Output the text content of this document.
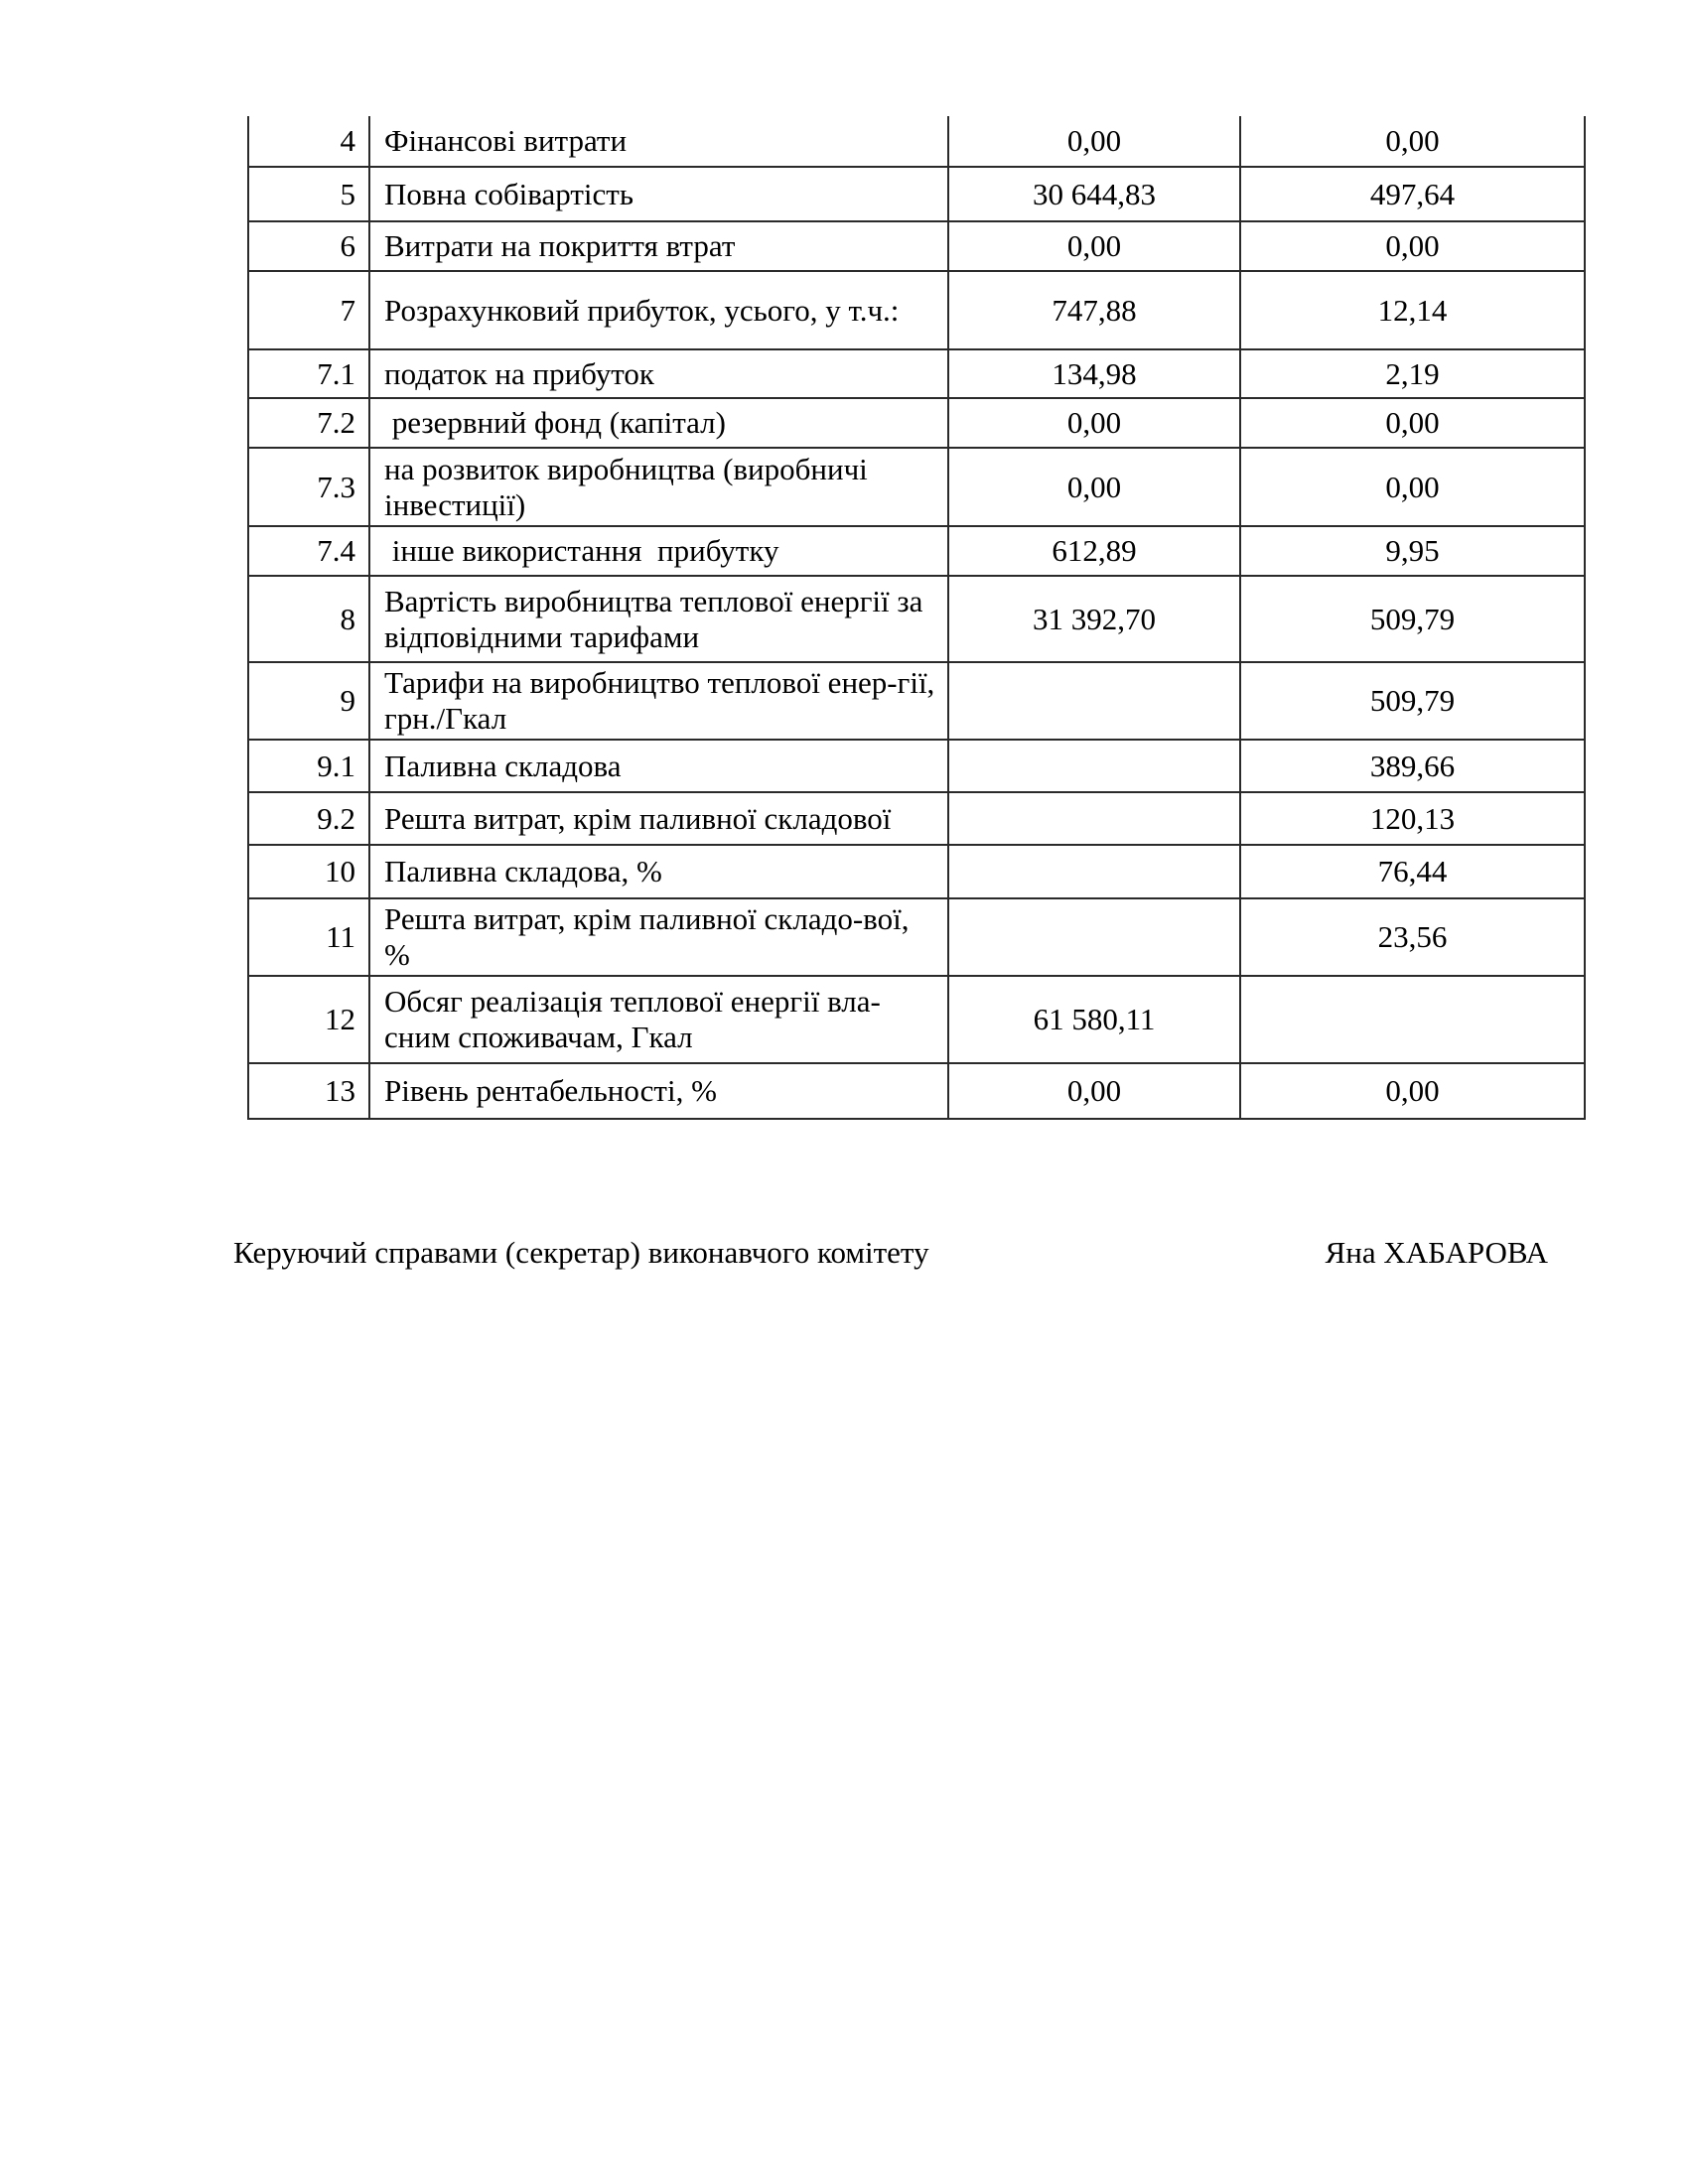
4	Фінансові витрати	0,00	0,00
5	Повна собівартість	30 644,83	497,64
6	Витрати на покриття втрат	0,00	0,00
7	Розрахунковий прибуток, усього, у т.ч.:	747,88	12,14
7.1	податок на прибуток	134,98	2,19
7.2	резервний фонд (капітал)	0,00	0,00
7.3	на розвиток виробництва (виробничі інвестиції)	0,00	0,00
7.4	інше використання  прибутку	612,89	9,95
8	Вартість виробництва теплової енергії за відповідними тарифами	31 392,70	509,79
9	Тарифи на виробництво теплової енер-гії, грн./Гкал		509,79
9.1	Паливна складова		389,66
9.2	Решта витрат, крім паливної складової		120,13
10	Паливна складова, %		76,44
11	Решта витрат, крім паливної складо-вої, %		23,56
12	Обсяг реалізація теплової енергії вла-сним споживачам, Гкал	61 580,11	
13	Рівень рентабельності, %	0,00	0,00
Керуючий справами (секретар) виконавчого комітету	Яна ХАБАРОВА
